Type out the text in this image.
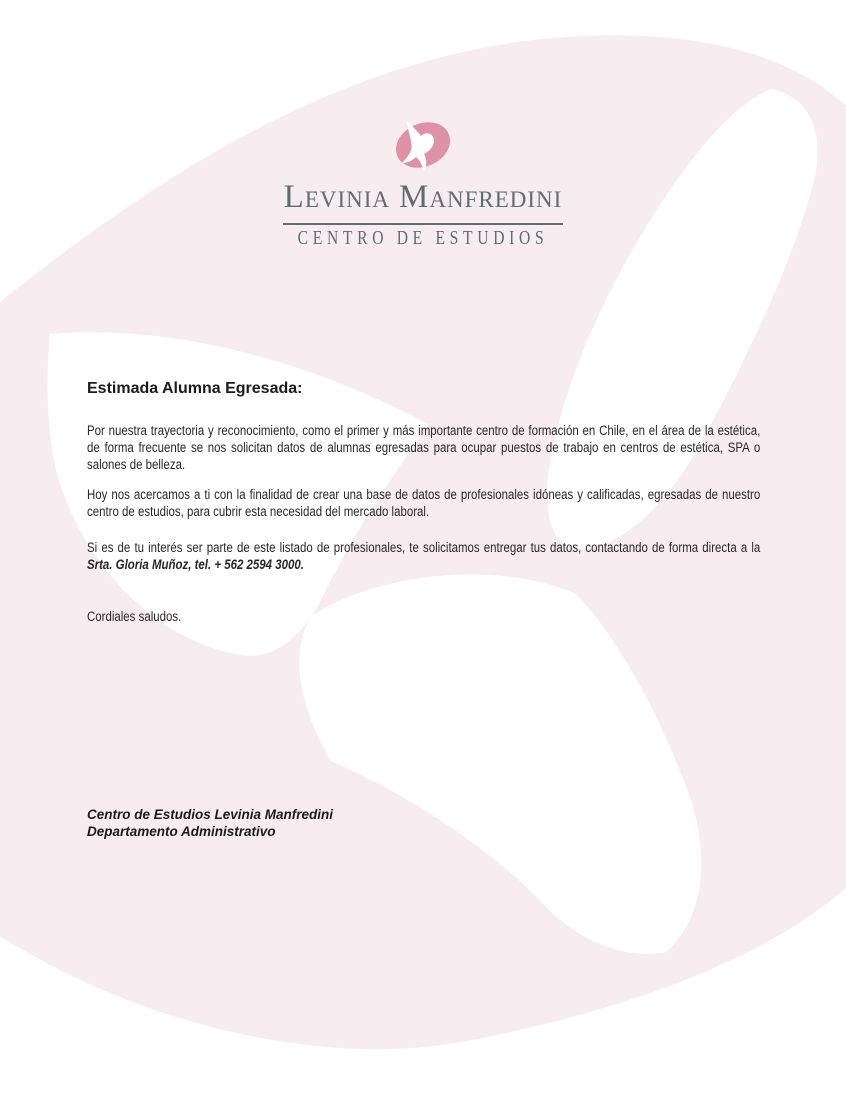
LEVINIA MANFREDINI
CENTRO DE ESTUDIOS
Estimada Alumna Egresada:

Por nuestra trayectoria y reconocimiento, como el primer y más importante centro de formación en Chile, en el área de la estética, de forma frecuente se nos solicitan datos de alumnas egresadas para ocupar puestos de trabajo en centros de estética, SPA o salones de belleza.

Hoy nos acercamos a ti con la finalidad de crear una base de datos de profesionales idóneas y calificadas, egresadas de nuestro centro de estudios, para cubrir esta necesidad del mercado laboral.

Si es de tu interés ser parte de este listado de profesionales, te solicitamos entregar tus datos, contactando de forma directa a la Srta. Gloria Muñoz, tel. + 562 2594 3000.

Cordiales saludos.

Centro de Estudios Levinia Manfredini
Departamento Administrativo
